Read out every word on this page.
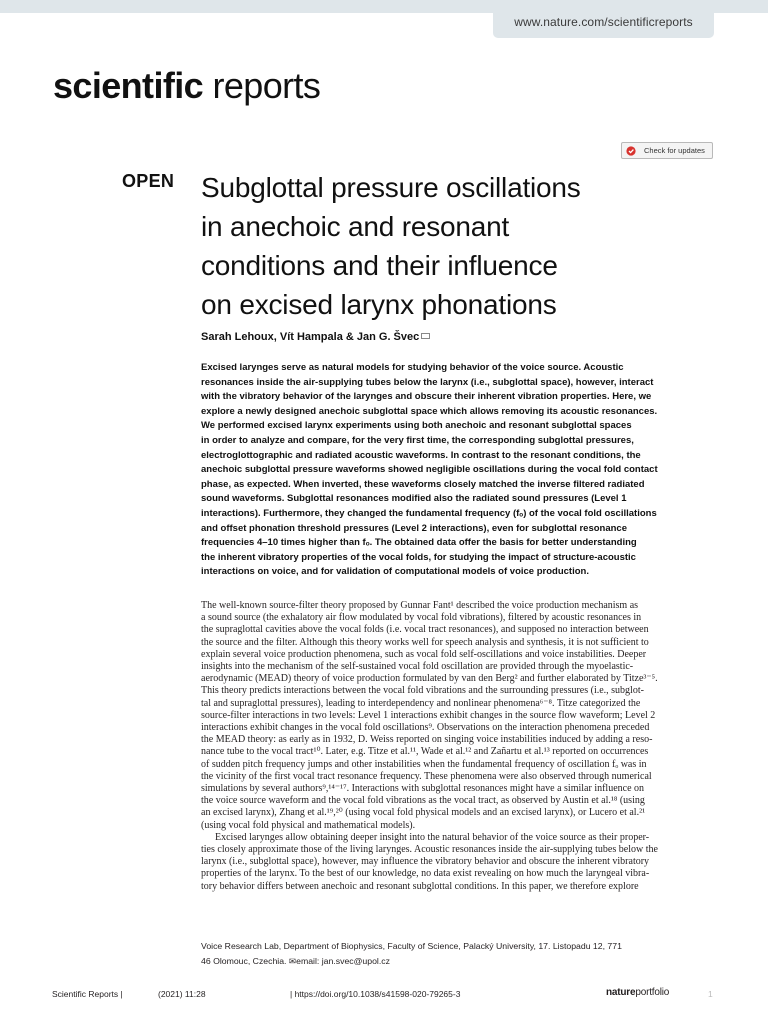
www.nature.com/scientificreports
scientific reports
Check for updates
OPEN Subglottal pressure oscillations
in anechoic and resonant
conditions and their influence
on excised larynx phonations
Sarah Lehoux, Vít Hampala & Jan G. Švec
Excised larynges serve as natural models for studying behavior of the voice source. Acoustic
resonances inside the air-supplying tubes below the larynx (i.e., subglottal space), however, interact
with the vibratory behavior of the larynges and obscure their inherent vibration properties. Here, we
explore a newly designed anechoic subglottal space which allows removing its acoustic resonances.
We performed excised larynx experiments using both anechoic and resonant subglottal spaces
in order to analyze and compare, for the very first time, the corresponding subglottal pressures,
electroglottographic and radiated acoustic waveforms. In contrast to the resonant conditions, the
anechoic subglottal pressure waveforms showed negligible oscillations during the vocal fold contact
phase, as expected. When inverted, these waveforms closely matched the inverse filtered radiated
sound waveforms. Subglottal resonances modified also the radiated sound pressures (Level 1
interactions). Furthermore, they changed the fundamental frequency (fₒ) of the vocal fold oscillations
and offset phonation threshold pressures (Level 2 interactions), even for subglottal resonance
frequencies 4–10 times higher than fₒ. The obtained data offer the basis for better understanding
the inherent vibratory properties of the vocal folds, for studying the impact of structure-acoustic
interactions on voice, and for validation of computational models of voice production.
The well-known source-filter theory proposed by Gunnar Fant¹ described the voice production mechanism as
a sound source (the exhalatory air flow modulated by vocal fold vibrations), filtered by acoustic resonances in
the supraglottal cavities above the vocal folds (i.e. vocal tract resonances), and supposed no interaction between
the source and the filter. Although this theory works well for speech analysis and synthesis, it is not sufficient to
explain several voice production phenomena, such as vocal fold self-oscillations and voice instabilities. Deeper
insights into the mechanism of the self-sustained vocal fold oscillation are provided through the myoelastic-
aerodynamic (MEAD) theory of voice production formulated by van den Berg² and further elaborated by Titze³⁻⁵.
This theory predicts interactions between the vocal fold vibrations and the surrounding pressures (i.e., subglot-
tal and supraglottal pressures), leading to interdependency and nonlinear phenomena⁶⁻⁸. Titze categorized the
source-filter interactions in two levels: Level 1 interactions exhibit changes in the source flow waveform; Level 2
interactions exhibit changes in the vocal fold oscillations⁹. Observations on the interaction phenomena preceded
the MEAD theory: as early as in 1932, D. Weiss reported on singing voice instabilities induced by adding a reso-
nance tube to the vocal tract¹⁰. Later, e.g. Titze et al.¹¹, Wade et al.¹² and Zañartu et al.¹³ reported on occurrences
of sudden pitch frequency jumps and other instabilities when the fundamental frequency of oscillation fₒ was in
the vicinity of the first vocal tract resonance frequency. These phenomena were also observed through numerical
simulations by several authors⁹,¹⁴⁻¹⁷. Interactions with subglottal resonances might have a similar influence on
the voice source waveform and the vocal fold vibrations as the vocal tract, as observed by Austin et al.¹⁸ (using
an excised larynx), Zhang et al.¹⁹,²⁰ (using vocal fold physical models and an excised larynx), or Lucero et al.²¹
(using vocal fold physical and mathematical models).
Excised larynges allow obtaining deeper insight into the natural behavior of the voice source as their proper-
ties closely approximate those of the living larynges. Acoustic resonances inside the air-supplying tubes below the
larynx (i.e., subglottal space), however, may influence the vibratory behavior and obscure the inherent vibratory
properties of the larynx. To the best of our knowledge, no data exist revealing on how much the laryngeal vibra-
tory behavior differs between anechoic and resonant subglottal conditions. In this paper, we therefore explore
Voice Research Lab, Department of Biophysics, Faculty of Science, Palacký University, 17. Listopadu 12, 771
46 Olomouc, Czechia. ✉email: jan.svec@upol.cz
Scientific Reports |	(2021) 11:28	| https://doi.org/10.1038/s41598-020-79265-3	natureportfolio	1
